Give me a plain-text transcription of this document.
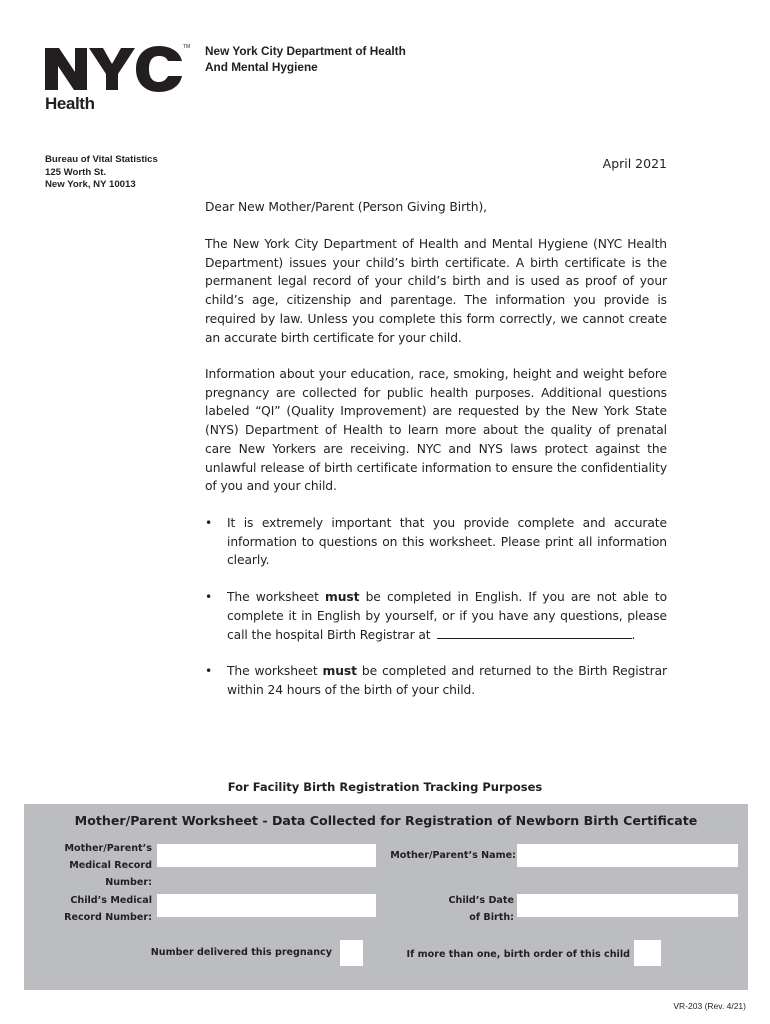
TM
Health
New York City Department of Health
And Mental Hygiene
Bureau of Vital Statistics
125 Worth St.
New York, NY 10013
April 2021

Dear New Mother/Parent (Person Giving Birth),

The New York City Department of Health and Mental Hygiene (NYC Health Department) issues your child’s birth certificate. A birth certificate is the permanent legal record of your child’s birth and is used as proof of your child’s age, citizenship and parentage. The information you provide is required by law. Unless you complete this form correctly, we cannot create an accurate birth certificate for your child.

Information about your education, race, smoking, height and weight before pregnancy are collected for public health purposes. Additional questions labeled “QI” (Quality Improvement) are requested by the New York State (NYS) Department of Health to learn more about the quality of prenatal care New Yorkers are receiving. NYC and NYS laws protect against the unlawful release of birth certificate information to ensure the confidentiality of you and your child.

• It is extremely important that you provide complete and accurate information to questions on this worksheet. Please print all information clearly.
• The worksheet must be completed in English. If you are not able to complete it in English by yourself, or if you have any questions, please call the hospital Birth Registrar at	.
• The worksheet must be completed and returned to the Birth Registrar within 24 hours of the birth of your child.
For Facility Birth Registration Tracking Purposes
Mother/Parent Worksheet - Data Collected for Registration of Newborn Birth Certificate
Mother/Parent’s
Medical Record
Number:
Mother/Parent’s Name:
Child’s Medical
Record Number:
Child’s Date
of Birth:
Number delivered this pregnancy	If more than one, birth order of this child
VR-203 (Rev. 4/21)
